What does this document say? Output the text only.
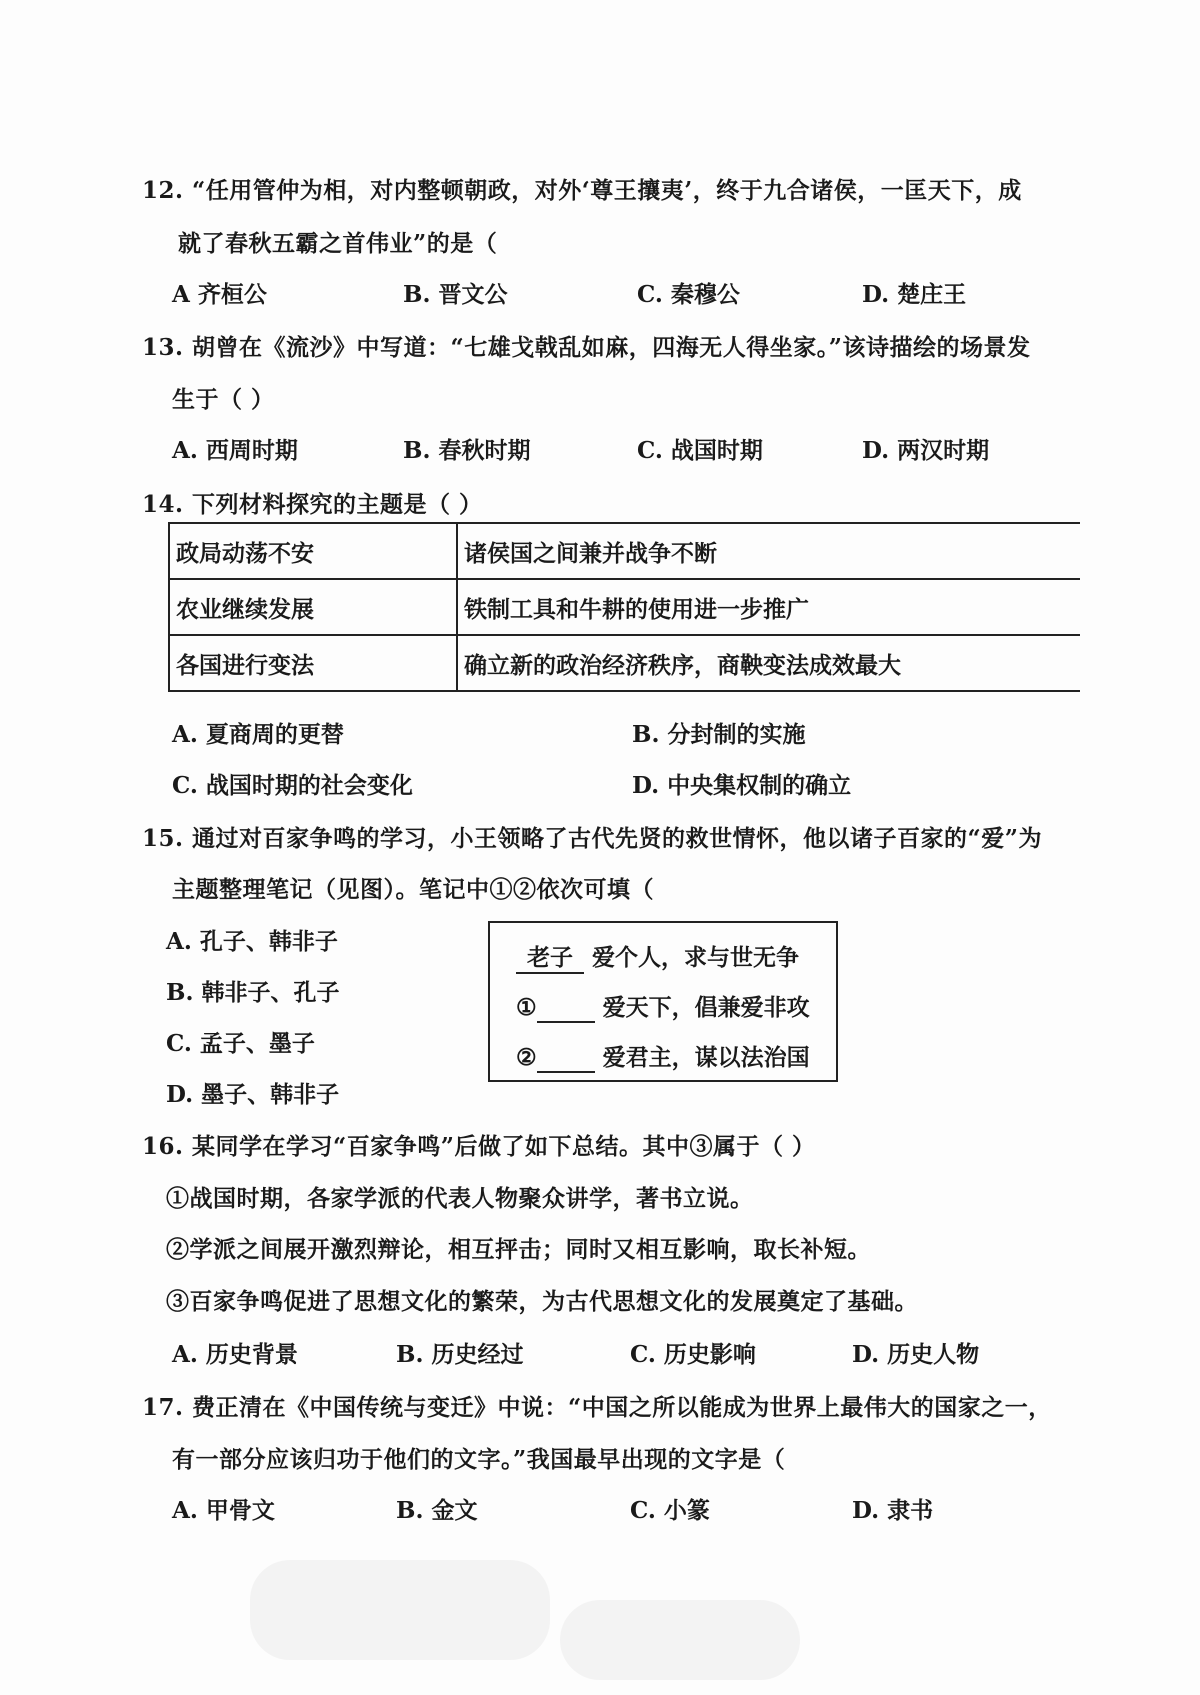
12. “任用管仲为相，对内整顿朝政，对外‘尊王攘夷’，终于九合诸侯，一匡天下，成
就了春秋五霸之首伟业”的是（
A 齐桓公	B. 晋文公	C. 秦穆公	D. 楚庄王
13. 胡曾在《流沙》中写道：“七雄戈戟乱如麻，四海无人得坐家。”该诗描绘的场景发
生于（ ）
A. 西周时期	B. 春秋时期	C. 战国时期	D. 两汉时期
14. 下列材料探究的主题是（ ）
政局动荡不安	诸侯国之间兼并战争不断
农业继续发展	铁制工具和牛耕的使用进一步推广
各国进行变法	确立新的政治经济秩序，商鞅变法成效最大
A. 夏商周的更替	B. 分封制的实施
C. 战国时期的社会变化	D. 中央集权制的确立
15. 通过对百家争鸣的学习，小王领略了古代先贤的救世情怀，他以诸子百家的“爱”为
主题整理笔记（见图）。笔记中①②依次可填（
A. 孔子、韩非子
B. 韩非子、孔子
C. 孟子、墨子
D. 墨子、韩非子
老子 爱个人，求与世无争
①	爱天下，倡兼爱非攻
②	爱君主，谋以法治国
16. 某同学在学习“百家争鸣”后做了如下总结。其中③属于（ ）
①战国时期，各家学派的代表人物聚众讲学，著书立说。
②学派之间展开激烈辩论，相互抨击；同时又相互影响，取长补短。
③百家争鸣促进了思想文化的繁荣，为古代思想文化的发展奠定了基础。
A. 历史背景	B. 历史经过	C. 历史影响	D. 历史人物
17. 费正清在《中国传统与变迁》中说：“中国之所以能成为世界上最伟大的国家之一，
有一部分应该归功于他们的文字。”我国最早出现的文字是（
A. 甲骨文	B. 金文	C. 小篆	D. 隶书
